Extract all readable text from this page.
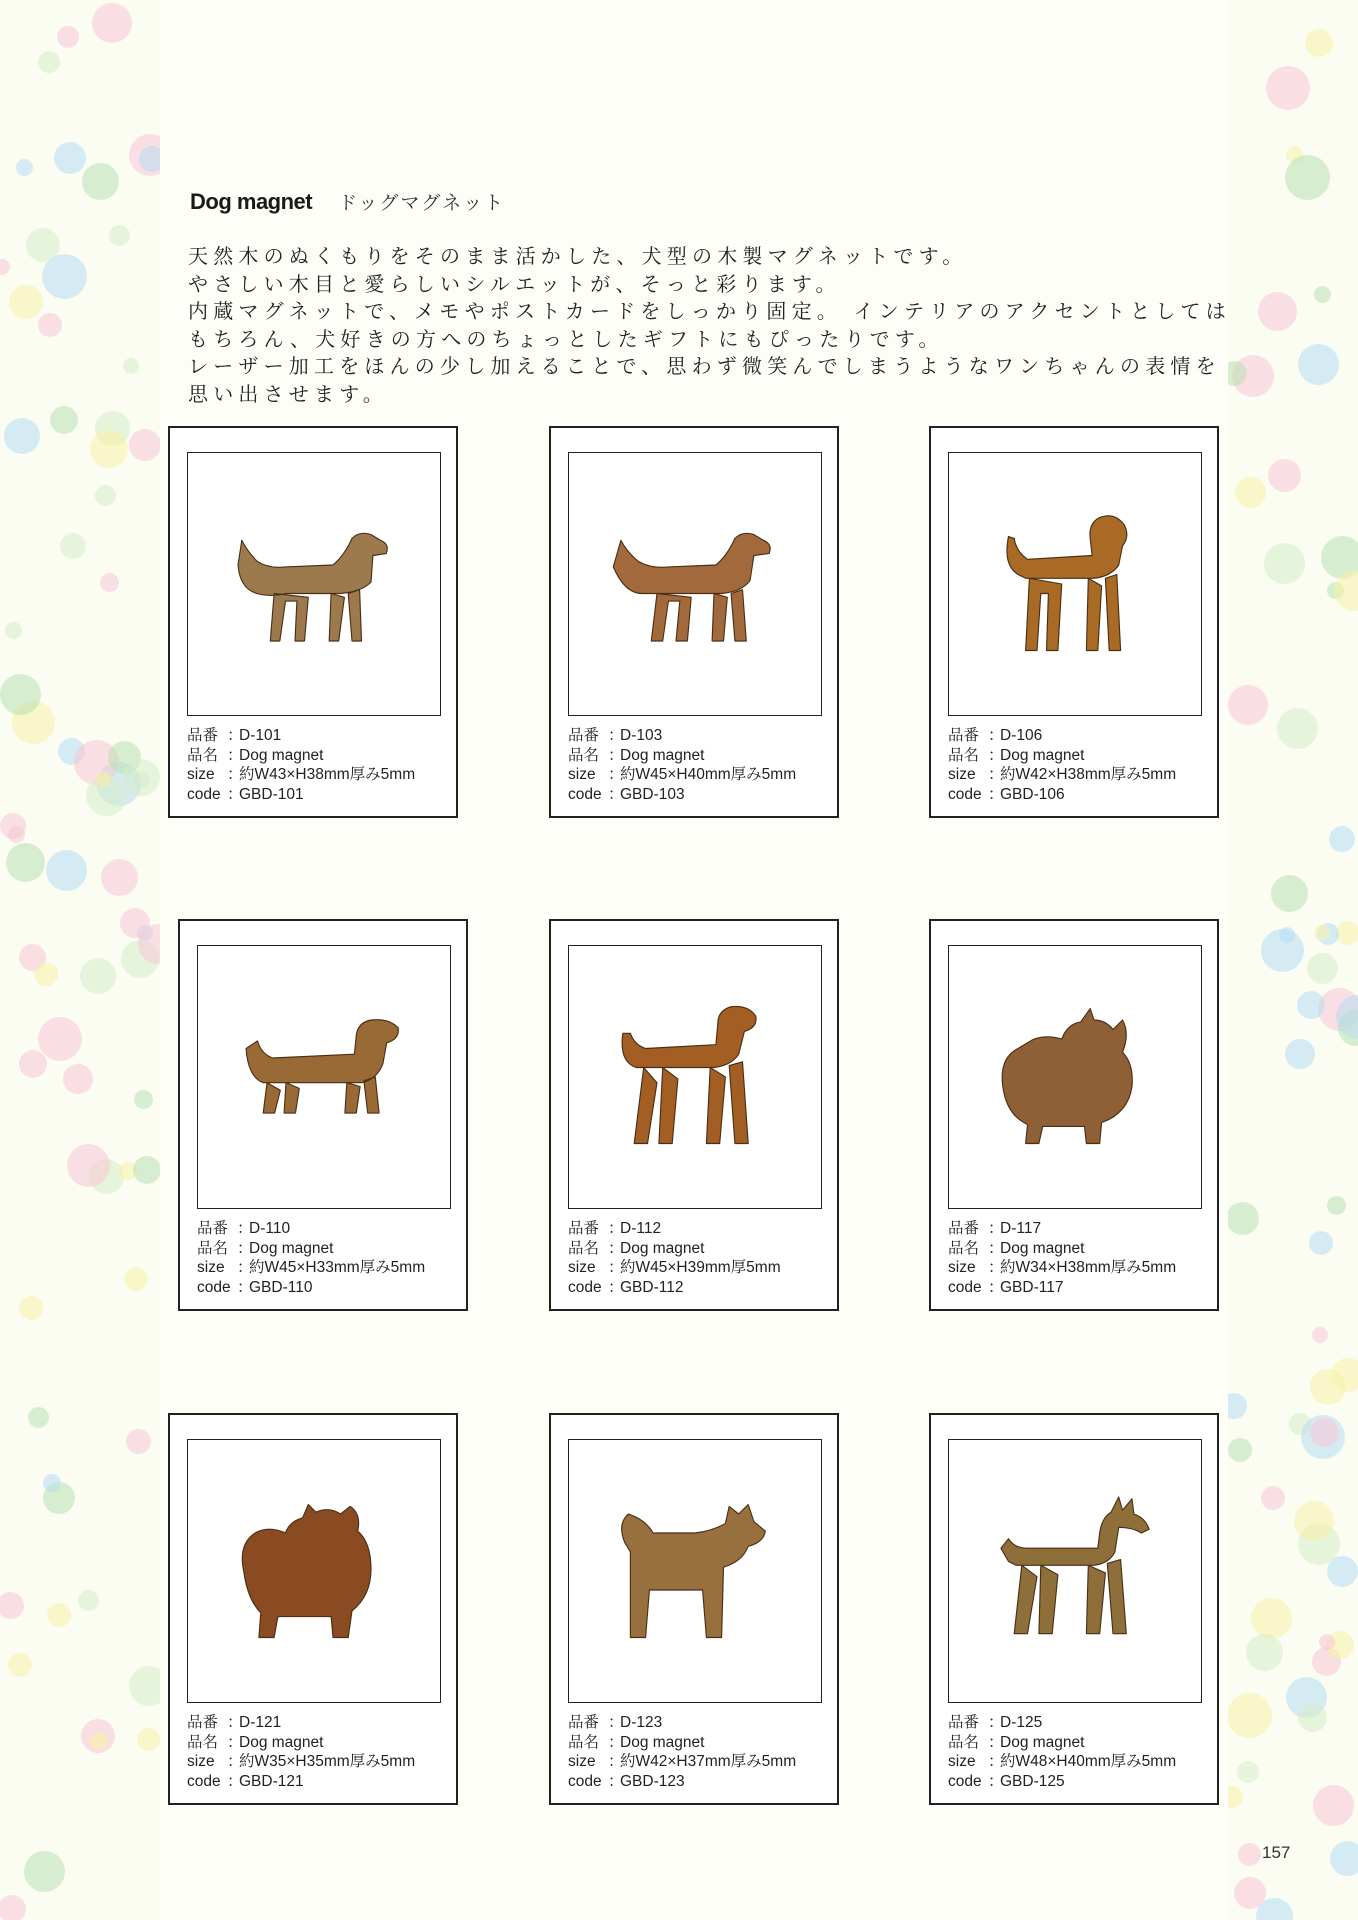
Dog magnet ドッグマグネット

天然木のぬくもりをそのまま活かした、犬型の木製マグネットです。

やさしい木目と愛らしいシルエットが、そっと彩ります。

内蔵マグネットで、メモやポストカードをしっかり固定。 インテリアのアクセントとしては

もちろん、犬好きの方へのちょっとしたギフトにもぴったりです。

レーザー加工をほんの少し加えることで、思わず微笑んでしまうようなワンちゃんの表情を

思い出させます。

品番 ：
D-101
品名 ：
Dog magnet
size ：
約W43×H38mm厚み5mm
code ：
GBD-101
品番 ：
D-103
品名 ：
Dog magnet
size ：
約W45×H40mm厚み5mm
code ：
GBD-103
品番 ：
D-106
品名 ：
Dog magnet
size ：
約W42×H38mm厚み5mm
code ：
GBD-106
品番 ：
D-110
品名 ：
Dog magnet
size ：
約W45×H33mm厚み5mm
code ：
GBD-110
品番 ：
D-112
品名 ：
Dog magnet
size ：
約W45×H39mm厚5mm
code ：
GBD-112
品番 ：
D-117
品名 ：
Dog magnet
size ：
約W34×H38mm厚み5mm
code ：
GBD-117
品番 ：
D-121
品名 ：
Dog magnet
size ：
約W35×H35mm厚み5mm
code ：
GBD-121
品番 ：
D-123
品名 ：
Dog magnet
size ：
約W42×H37mm厚み5mm
code ：
GBD-123
品番 ：
D-125
品名 ：
Dog magnet
size ：
約W48×H40mm厚み5mm
code ：
GBD-125
157
